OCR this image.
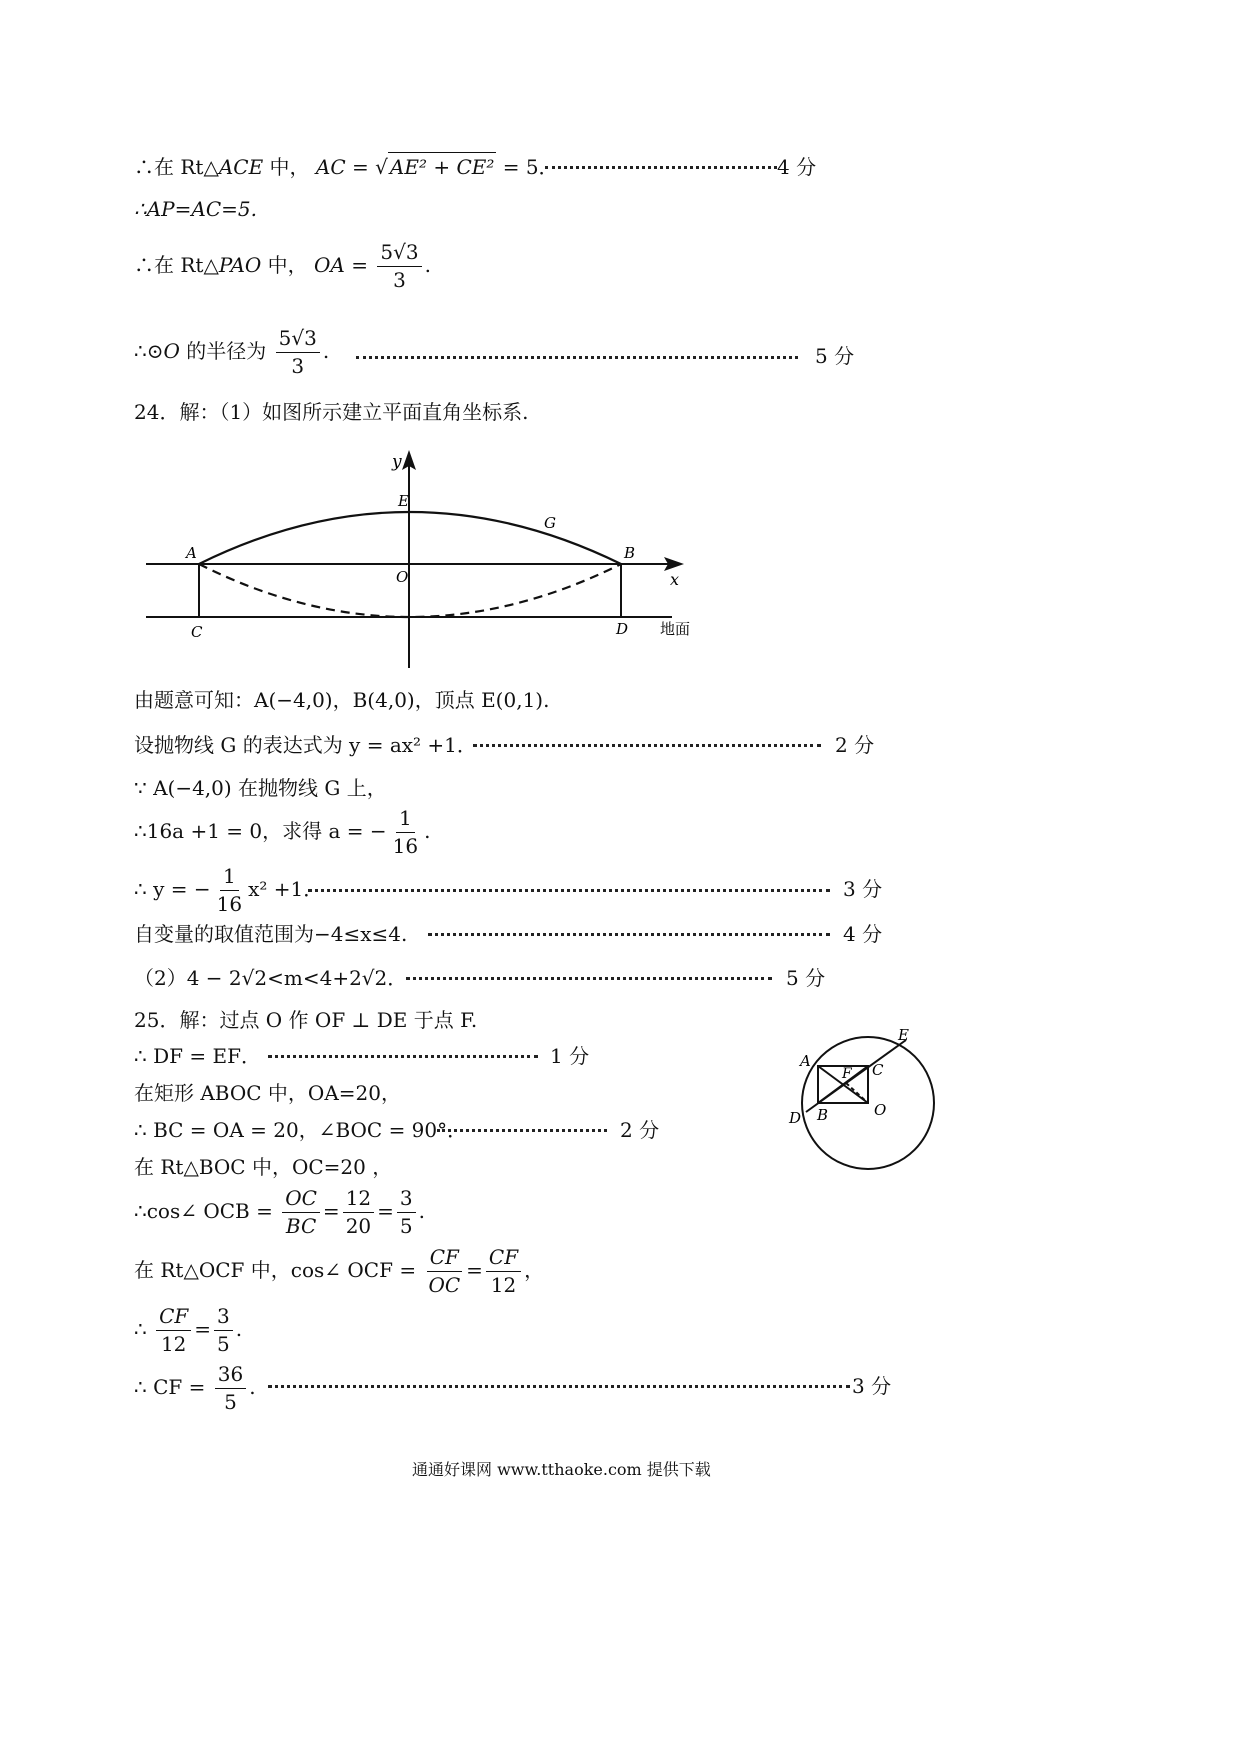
∴在 Rt△ACE 中， AC = √ AE² + CE² = 5．	4 分
∴AP=AC=5.
∴在 Rt△PAO 中， OA = $\frac{5√3}{3}$ .
∴⊙O 的半径为 $\frac{5√3}{3}$ .	5 分
24．解：（1）如图所示建立平面直角坐标系.
y
E
G
A	B
O	x
C	D 地面
由题意可知：A(−4,0)，B(4,0)，顶点 E(0,1).
设抛物线 G 的表达式为 y = ax² +1．	2 分
∵ A(−4,0) 在抛物线 G 上，
∴16a +1 = 0，求得 a = − $\frac{1}{16}$ .
∴ y = − $\frac{1}{16} x^2 +1$．	3 分
自变量的取值范围为−4≤x≤4.	4 分
（2）4 − 2√2<m<4+2√2．	5 分
25．解：过点 O 作 OF ⊥ DE 于点 F.
∴ DF = EF．	1 分
在矩形 ABOC 中，OA=20，
∴ BC = OA = 20，∠BOC = 90°．	2 分
在 Rt△BOC 中，OC=20 ，
∴cos∠ OCB = $\frac{OC}{BC} = \frac{12}{20} = \frac{3}{5}$ .
在 Rt△OCF 中，cos∠ OCF = $\frac{CF}{OC} = \frac{CF}{12}$ ，
∴ $\frac{CF}{12} = \frac{3}{5}$ .
∴ CF = $\frac{36}{5}$ .	3 分
A
E
F C
D B	O
通通好课网 www.tthaoke.com 提供下载
